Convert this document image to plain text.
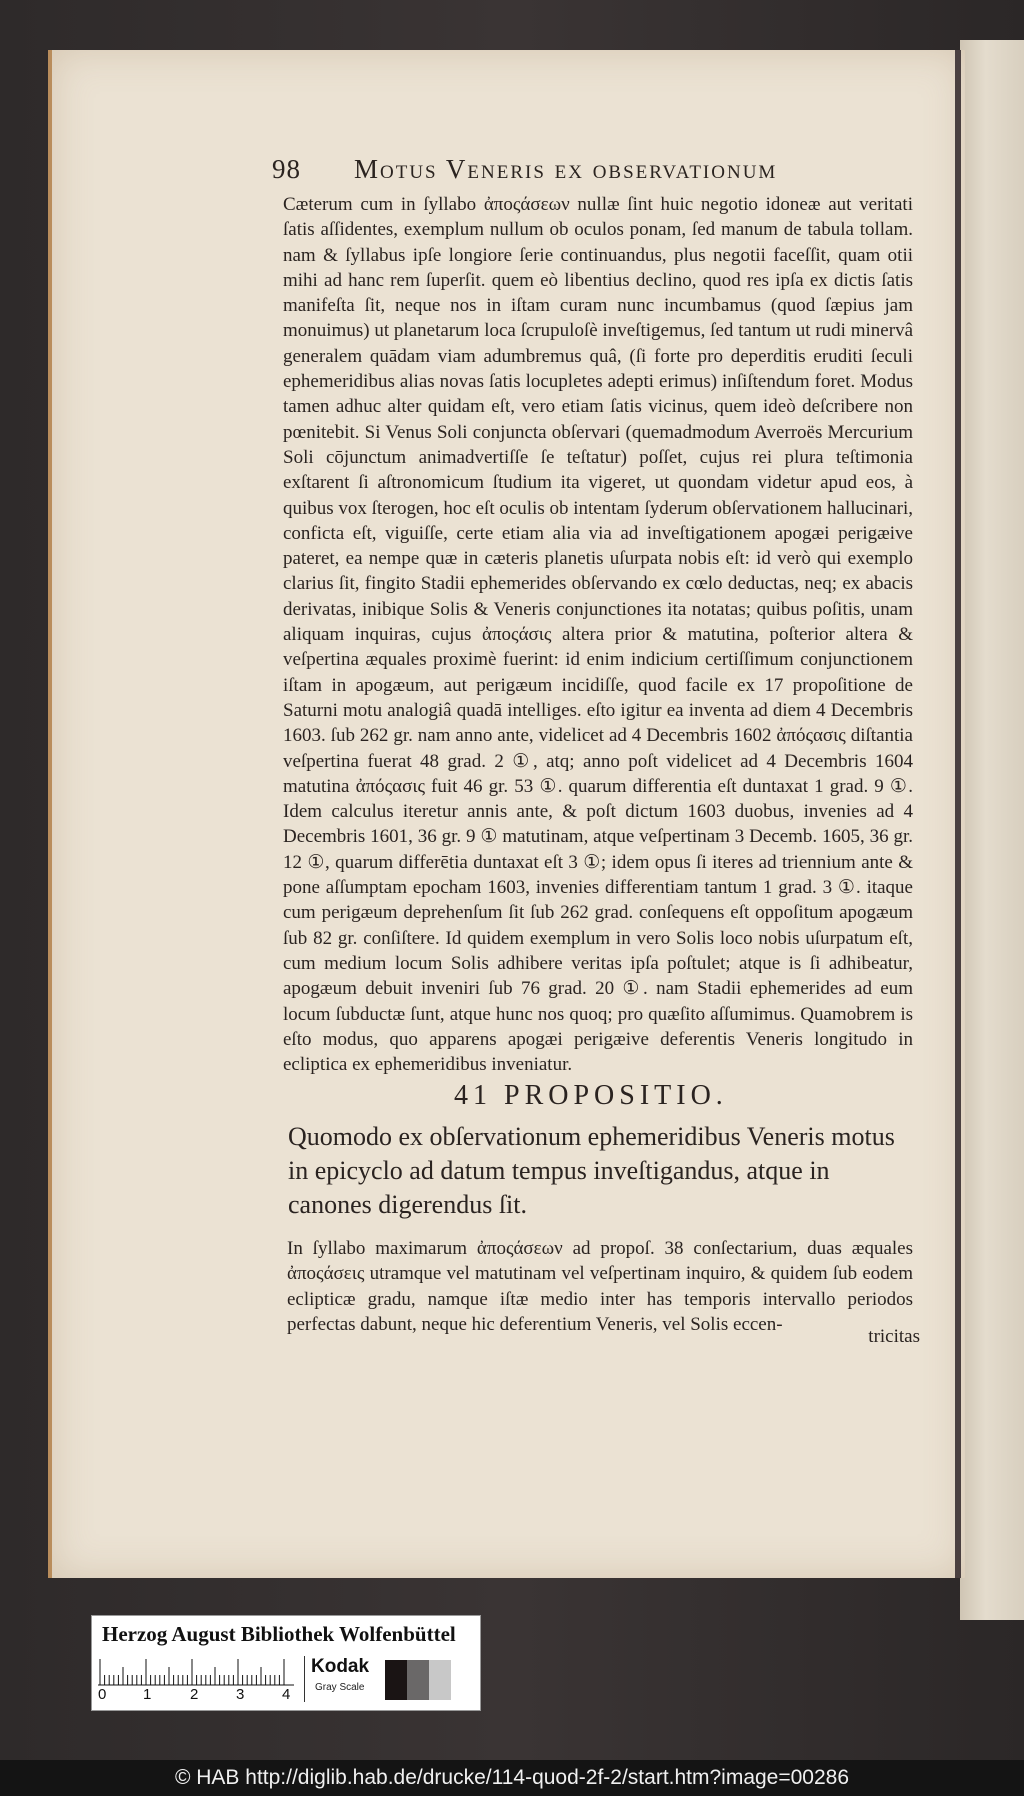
98 Motus Veneris ex observationum

Cæterum cum in ſyllabo ἀποςάσεων nullæ ſint huic negotio idoneæ aut veritati ſatis aſſidentes, exemplum nullum ob oculos ponam, ſed manum de tabula tollam. nam & ſyllabus ipſe longiore ſerie continuandus, plus negotii faceſſit, quam otii mihi ad hanc rem ſuperſit. quem eò libentius declino, quod res ipſa ex dictis ſatis manifeſta ſit, neque nos in iſtam curam nunc incumbamus (quod ſæpius jam monuimus) ut planetarum loca ſcrupuloſè inveſtigemus, ſed tantum ut rudi minervâ generalem quādam viam adumbremus quâ, (ſi forte pro deperditis eruditi ſeculi ephemeridibus alias novas ſatis locupletes adepti erimus) inſiſtendum foret. Modus tamen adhuc alter quidam eſt, vero etiam ſatis vicinus, quem ideò deſcribere non pœnitebit. Si Venus Soli conjuncta obſervari (quemadmodum Averroës Mercurium Soli cōjunctum animadvertiſſe ſe teſtatur) poſſet, cujus rei plura teſtimonia exſtarent ſi aſtronomicum ſtudium ita vigeret, ut quondam videtur apud eos, à quibus vox ſterogen, hoc eſt oculis ob intentam ſyderum obſervationem hallucinari, conficta eſt, viguiſſe, certe etiam alia via ad inveſtigationem apogæi perigæive pateret, ea nempe quæ in cæteris planetis uſurpata nobis eſt: id verò qui exemplo clarius ſit, fingito Stadii ephemerides obſervando ex cœlo deductas, neq; ex abacis derivatas, inibique Solis & Veneris conjunctiones ita notatas; quibus poſitis, unam aliquam inquiras, cujus ἀποςάσις altera prior & matutina, poſterior altera & veſpertina æquales proximè fuerint: id enim indicium certiſſimum conjunctionem iſtam in apogæum, aut perigæum incidiſſe, quod facile ex 17 propoſitione de Saturni motu analogiâ quadā intelliges. eſto igitur ea inventa ad diem 4 Decembris 1603. ſub 262 gr. nam anno ante, videlicet ad 4 Decembris 1602 ἀπόςασις diſtantia veſpertina fuerat 48 grad. 2 ①, atq; anno poſt videlicet ad 4 Decembris 1604 matutina ἀπόςασις fuit 46 gr. 53 ①. quarum differentia eſt duntaxat 1 grad. 9 ①. Idem calculus iteretur annis ante, & poſt dictum 1603 duobus, invenies ad 4 Decembris 1601, 36 gr. 9 ① matutinam, atque veſpertinam 3 Decemb. 1605, 36 gr. 12 ①, quarum differētia duntaxat eſt 3 ①; idem opus ſi iteres ad triennium ante & pone aſſumptam epocham 1603, invenies differentiam tantum 1 grad. 3 ①. itaque cum perigæum deprehenſum ſit ſub 262 grad. conſequens eſt oppoſitum apogæum ſub 82 gr. conſiſtere. Id quidem exemplum in vero Solis loco nobis uſurpatum eſt, cum medium locum Solis adhibere veritas ipſa poſtulet; atque is ſi adhibeatur, apogæum debuit inveniri ſub 76 grad. 20 ①. nam Stadii ephemerides ad eum locum ſubductæ ſunt, atque hunc nos quoq; pro quæſito aſſumimus. Quamobrem is eſto modus, quo apparens apogæi perigæive deferentis Veneris longitudo in ecliptica ex ephemeridibus inveniatur.

41 PROPOSITIO.
Quomodo ex obſervationum ephemeridibus Veneris motus in epicyclo ad datum tempus inveſtigandus, atque in canones digerendus ſit.
In ſyllabo maximarum ἀποςάσεων ad propoſ. 38 conſectarium, duas æquales ἀποςάσεις utramque vel matutinam vel veſpertinam inquiro, & quidem ſub eodem eclipticæ gradu, namque iſtæ medio inter has temporis intervallo periodos perfectas dabunt, neque hic deferentium Veneris, vel Solis eccen-
tricitas
Herzog August Bibliothek Wolfenbüttel
0 1	2	3	4
Kodak
Gray Scale
© HAB http://diglib.hab.de/drucke/114-quod-2f-2/start.htm?image=00286
